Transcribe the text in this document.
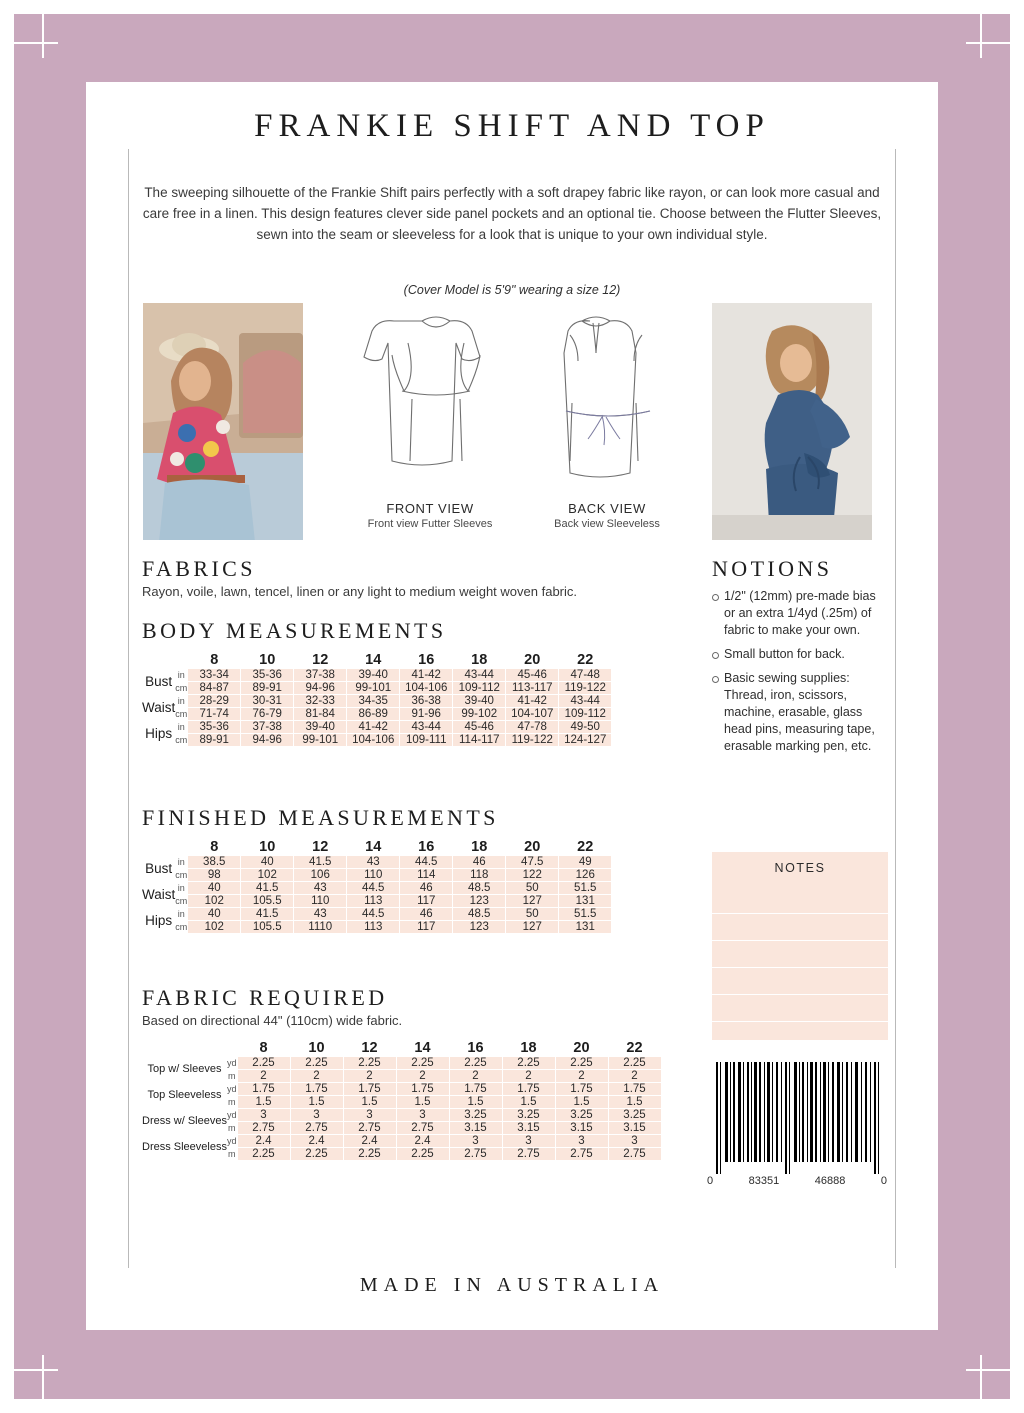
FRANKIE SHIFT AND TOP
The sweeping silhouette of the Frankie Shift pairs perfectly with a soft drapey fabric like rayon, or can look more casual and care free in a linen. This design features clever side panel pockets and an optional tie. Choose between the Flutter Sleeves, sewn into the seam or sleeveless for a look that is unique to your own individual style.
(Cover Model is 5'9" wearing a size 12)
FRONT VIEW
Front view Futter Sleeves
BACK VIEW
Back view Sleeveless
FABRICS
Rayon, voile, lawn, tencel, linen or any light to medium weight woven fabric.
NOTIONS
1/2" (12mm) pre-made bias or an extra 1/4yd (.25m) of fabric to make your own.
Small button for back.
Basic sewing supplies: Thread, iron, scissors, machine, erasable, glass head pins, measuring tape, erasable marking pen, etc.
NOTES
BODY MEASUREMENTS
		8	10	12	14	16	18	20	22
Bust	in	33-34	35-36	37-38	39-40	41-42	43-44	45-46	47-48
	cm	84-87	89-91	94-96	99-101	104-106	109-112	113-117	119-122
Waist	in	28-29	30-31	32-33	34-35	36-38	39-40	41-42	43-44
	cm	71-74	76-79	81-84	86-89	91-96	99-102	104-107	109-112
Hips	in	35-36	37-38	39-40	41-42	43-44	45-46	47-78	49-50
	cm	89-91	94-96	99-101	104-106	109-111	114-117	119-122	124-127
FINISHED MEASUREMENTS
		8	10	12	14	16	18	20	22
Bust	in	38.5	40	41.5	43	44.5	46	47.5	49
	cm	98	102	106	110	114	118	122	126
Waist	in	40	41.5	43	44.5	46	48.5	50	51.5
	cm	102	105.5	110	113	117	123	127	131
Hips	in	40	41.5	43	44.5	46	48.5	50	51.5
	cm	102	105.5	1110	113	117	123	127	131
FABRIC REQUIRED
Based on directional 44" (110cm) wide fabric.
		8	10	12	14	16	18	20	22
Top w/ Sleeves	yd	2.25	2.25	2.25	2.25	2.25	2.25	2.25	2.25
	m	2	2	2	2	2	2	2	2
Top Sleeveless	yd	1.75	1.75	1.75	1.75	1.75	1.75	1.75	1.75
	m	1.5	1.5	1.5	1.5	1.5	1.5	1.5	1.5
Dress w/ Sleeves	yd	3	3	3	3	3.25	3.25	3.25	3.25
	m	2.75	2.75	2.75	2.75	3.15	3.15	3.15	3.15
Dress Sleeveless	yd	2.4	2.4	2.4	2.4	3	3	3	3
	m	2.25	2.25	2.25	2.25	2.75	2.75	2.75	2.75
0	83351	46888	0
MADE IN AUSTRALIA
